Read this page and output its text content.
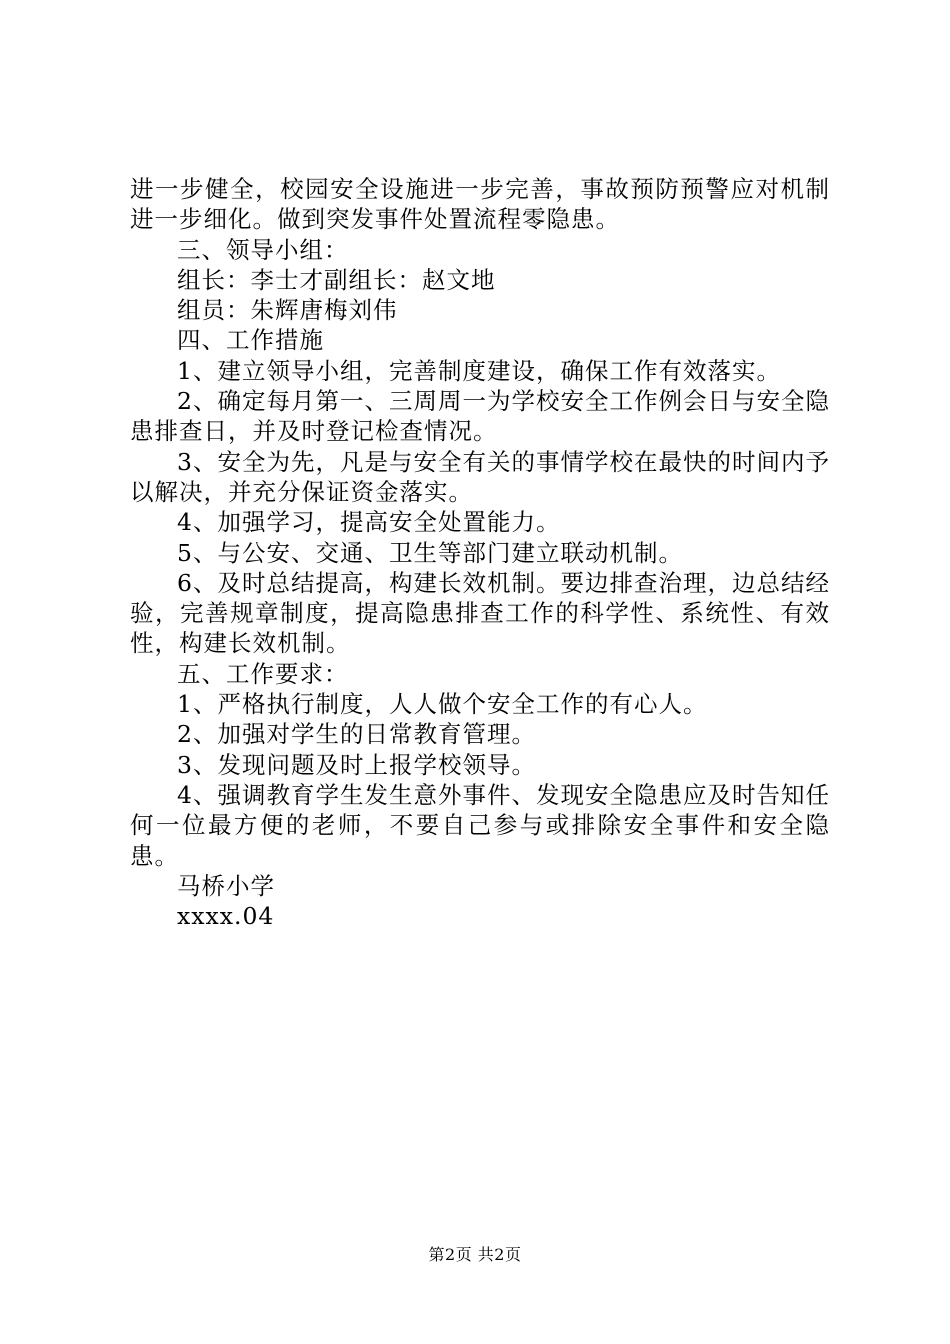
进一步健全，校园安全设施进一步完善，事故预防预警应对机制进一步细化。做到突发事件处置流程零隐患。

三、领导小组：

组长：李士才副组长：赵文地

组员：朱辉唐梅刘伟

四、工作措施

1、建立领导小组，完善制度建设，确保工作有效落实。

2、确定每月第一、三周周一为学校安全工作例会日与安全隐患排查日，并及时登记检查情况。

3、安全为先，凡是与安全有关的事情学校在最快的时间内予以解决，并充分保证资金落实。

4、加强学习，提高安全处置能力。

5、与公安、交通、卫生等部门建立联动机制。

6、及时总结提高，构建长效机制。要边排查治理，边总结经验，完善规章制度，提高隐患排查工作的科学性、系统性、有效性，构建长效机制。

五、工作要求：

1、严格执行制度，人人做个安全工作的有心人。

2、加强对学生的日常教育管理。

3、发现问题及时上报学校领导。

4、强调教育学生发生意外事件、发现安全隐患应及时告知任何一位最方便的老师，不要自己参与或排除安全事件和安全隐患。

马桥小学

xxxx.04

第2页 共2页
